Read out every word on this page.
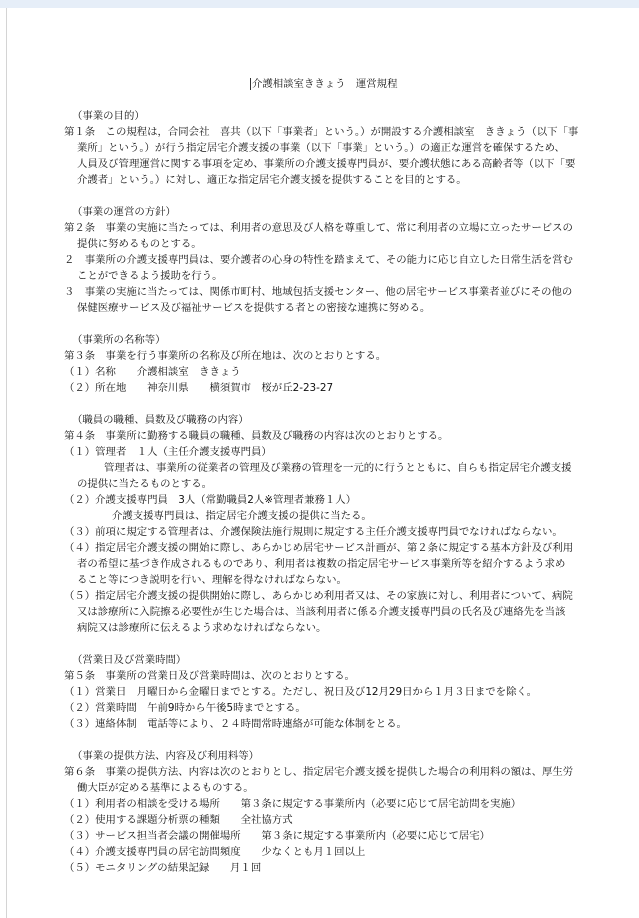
介護相談室ききょう　運営規程
（事業の目的）
第１条　この規程は，合同会社　喜共（以下「事業者」という。）が開設する介護相談室　ききょう（以下「事
業所」という。）が行う指定居宅介護支援の事業（以下「事業」という。）の適正な運営を確保するため、
人員及び管理運営に関する事項を定め、事業所の介護支援専門員が、要介護状態にある高齢者等（以下「要
介護者」という。）に対し、適正な指定居宅介護支援を提供することを目的とする。
（事業の運営の方針）
第２条　事業の実施に当たっては、利用者の意思及び人格を尊重して、常に利用者の立場に立ったサービスの
提供に努めるものとする。
２　事業所の介護支援専門員は、要介護者の心身の特性を踏まえて、その能力に応じ自立した日常生活を営む
ことができるよう援助を行う。
３　事業の実施に当たっては、関係市町村、地域包括支援センター、他の居宅サービス事業者並びにその他の
保健医療サービス及び福祉サービスを提供する者との密接な連携に努める。
（事業所の名称等）
第３条　事業を行う事業所の名称及び所在地は、次のとおりとする。
（１）名称　　介護相談室　ききょう
（２）所在地　　神奈川県　　横須賀市　桜が丘2-23-27
（職員の職種、員数及び職務の内容）
第４条　事業所に勤務する職員の職種、員数及び職務の内容は次のとおりとする。
（１）管理者　１人（主任介護支援専門員）
管理者は、事業所の従業者の管理及び業務の管理を一元的に行うとともに、自らも指定居宅介護支援
の提供に当たるものとする。
（２）介護支援専門員　3人（常勤職員2人※管理者兼務１人）
介護支援専門員は、指定居宅介護支援の提供に当たる。
（３）前項に規定する管理者は、介護保険法施行規則に規定する主任介護支援専門員でなければならない。
（４）指定居宅介護支援の開始に際し、あらかじめ居宅サービス計画が、第２条に規定する基本方針及び利用
者の希望に基づき作成されるものであり、利用者は複数の指定居宅サービス事業所等を紹介するよう求め
ること等につき説明を行い、理解を得なければならない。
（５）指定居宅介護支援の提供開始に際し、あらかじめ利用者又は、その家族に対し、利用者について、病院
又は診療所に入院擦る必要性が生じた場合は、当該利用者に係る介護支援専門員の氏名及び連絡先を当該
病院又は診療所に伝えるよう求めなければならない。
（営業日及び営業時間）
第５条　事業所の営業日及び営業時間は、次のとおりとする。
（１）営業日　月曜日から金曜日までとする。ただし、祝日及び12月29日から１月３日までを除く。
（２）営業時間　午前9時から午後5時までとする。
（３）連絡体制　電話等により、２４時間常時連絡が可能な体制をとる。
（事業の提供方法、内容及び利用料等）
第６条　事業の提供方法、内容は次のとおりとし、指定居宅介護支援を提供した場合の利用料の額は、厚生労
働大臣が定める基準によるものする。
（１）利用者の相談を受ける場所　　第３条に規定する事業所内（必要に応じて居宅訪問を実施）
（２）使用する課題分析票の種類　　全社協方式
（３）サービス担当者会議の開催場所　　第３条に規定する事業所内（必要に応じて居宅）
（４）介護支援専門員の居宅訪問頻度　　少なくとも月１回以上
（５）モニタリングの結果記録　　月１回
